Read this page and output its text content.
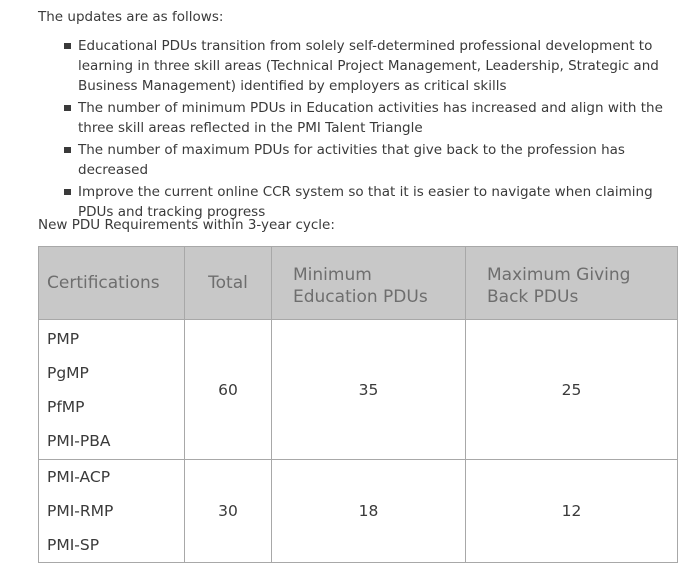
The updates are as follows:

Educational PDUs transition from solely self-determined professional development to learning in three skill areas (Technical Project Management, Leadership, Strategic and Business Management) identified by employers as critical skills
The number of minimum PDUs in Education activities has increased and align with the three skill areas reflected in the PMI Talent Triangle
The number of maximum PDUs for activities that give back to the profession has decreased
Improve the current online CCR system so that it is easier to navigate when claiming PDUs and tracking progress

New PDU Requirements within 3-year cycle:

Certifications	Total	Minimum Education PDUs	Maximum Giving Back PDUs

PMP
PgMP
PfMP
PMI-PBA	60	35	25

PMI-ACP
PMI-RMP
PMI-SP	30	18	12
